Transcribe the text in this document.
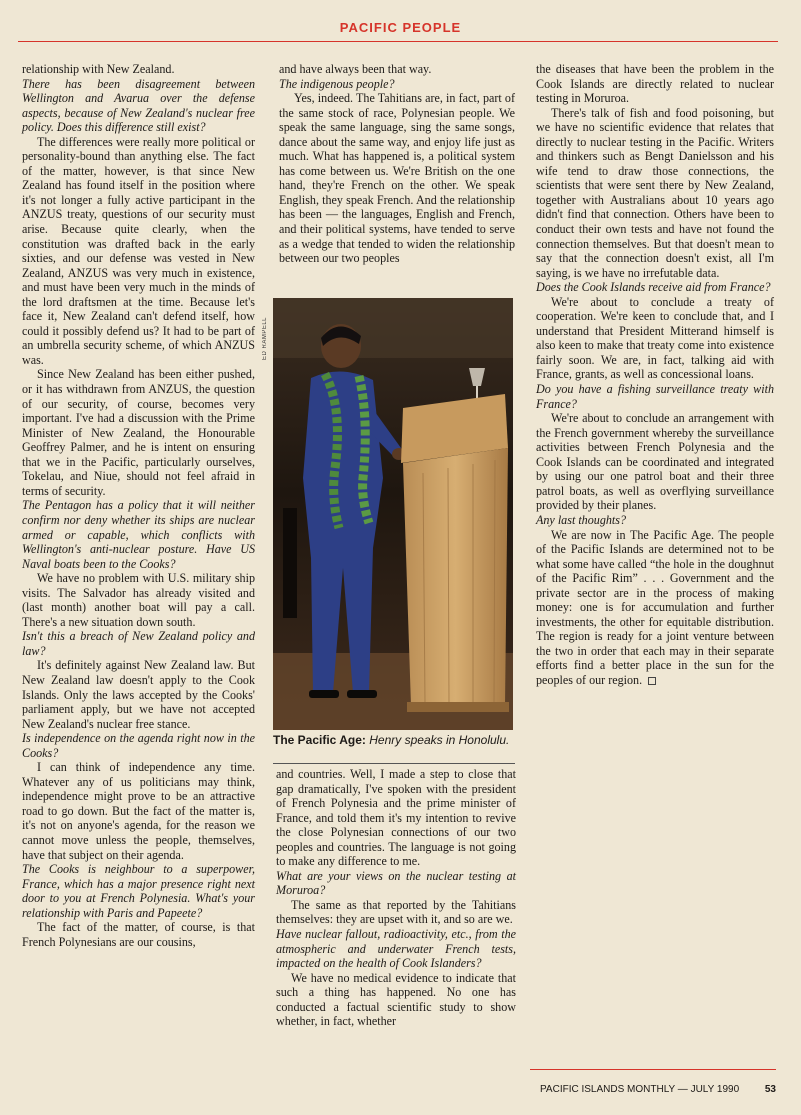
PACIFIC PEOPLE

relationship with New Zealand.

There has been disagreement between Wellington and Avarua over the defense aspects, because of New Zealand's nuclear free policy. Does this difference still exist?

The differences were really more political or personality-bound than anything else. The fact of the matter, however, is that since New Zealand has found itself in the position where it's not longer a fully active participant in the ANZUS treaty, questions of our security must arise. Because quite clearly, when the constitution was drafted back in the early sixties, and our defense was vested in New Zealand, ANZUS was very much in existence, and must have been very much in the minds of the lord draftsmen at the time. Because let's face it, New Zealand can't defend itself, how could it possibly defend us? It had to be part of an umbrella security scheme, of which ANZUS was.

Since New Zealand has been either pushed, or it has withdrawn from ANZUS, the question of our security, of course, becomes very important. I've had a discussion with the Prime Minister of New Zealand, the Honourable Geoffrey Palmer, and he is intent on ensuring that we in the Pacific, particularly ourselves, Tokelau, and Niue, should not feel afraid in terms of security.

The Pentagon has a policy that it will neither confirm nor deny whether its ships are nuclear armed or capable, which conflicts with Wellington's anti-nuclear posture. Have US Naval boats been to the Cooks?

We have no problem with U.S. military ship visits. The Salvador has already visited and (last month) another boat will pay a call. There's a new situation down south.

Isn't this a breach of New Zealand policy and law?

It's definitely against New Zealand law. But New Zealand law doesn't apply to the Cook Islands. Only the laws accepted by the Cooks' parliament apply, but we have not accepted New Zealand's nuclear free stance.

Is independence on the agenda right now in the Cooks?

I can think of independence any time. Whatever any of us politicians may think, independence might prove to be an attractive road to go down. But the fact of the matter is, it's not on anyone's agenda, for the reason we cannot move unless the people, themselves, have that subject on their agenda.

The Cooks is neighbour to a superpower, France, which has a major presence right next door to you at French Polynesia. What's your relationship with Paris and Papeete?

The fact of the matter, of course, is that French Polynesians are our cousins,

and have always been that way.

The indigenous people?

Yes, indeed. The Tahitians are, in fact, part of the same stock of race, Polynesian people. We speak the same language, sing the same songs, dance about the same way, and enjoy life just as much. What has happened is, a political system has come between us. We're British on the one hand, they're French on the other. We speak English, they speak French. And the relationship has been — the languages, English and French, and their political systems, have tended to serve as a wedge that tended to widen the relationship between our two peoples

ED RAMPELL
The Pacific Age: Henry speaks in Honolulu.

and countries. Well, I made a step to close that gap dramatically, I've spoken with the president of French Polynesia and the prime minister of France, and told them it's my intention to revive the close Polynesian connections of our two peoples and countries. The language is not going to make any difference to me.

What are your views on the nuclear testing at Moruroa?

The same as that reported by the Tahitians themselves: they are upset with it, and so are we.

Have nuclear fallout, radioactivity, etc., from the atmospheric and underwater French tests, impacted on the health of Cook Islanders?

We have no medical evidence to indicate that such a thing has happened. No one has conducted a factual scientific study to show whether, in fact, whether

the diseases that have been the problem in the Cook Islands are directly related to nuclear testing in Moruroa.

There's talk of fish and food poisoning, but we have no scientific evidence that relates that directly to nuclear testing in the Pacific. Writers and thinkers such as Bengt Danielsson and his wife tend to draw those connections, the scientists that were sent there by New Zealand, together with Australians about 10 years ago didn't find that connection. Others have been to conduct their own tests and have not found the connection themselves. But that doesn't mean to say that the connection doesn't exist, all I'm saying, is we have no irrefutable data.

Does the Cook Islands receive aid from France?

We're about to conclude a treaty of cooperation. We're keen to conclude that, and I understand that President Mitterand himself is also keen to make that treaty come into existence fairly soon. We are, in fact, talking aid with France, grants, as well as concessional loans.

Do you have a fishing surveillance treaty with France?

We're about to conclude an arrangement with the French government whereby the surveillance activities between French Polynesia and the Cook Islands can be coordinated and integrated by using our one patrol boat and their three patrol boats, as well as overflying surveillance provided by their planes.

Any last thoughts?

We are now in The Pacific Age. The people of the Pacific Islands are determined not to be what some have called “the hole in the doughnut of the Pacific Rim” . . . Government and the private sector are in the process of making money: one is for accumulation and further investments, the other for equitable distribution. The region is ready for a joint venture between the two in order that each may in their separate efforts find a better place in the sun for the peoples of our region.

PACIFIC ISLANDS MONTHLY — JULY 1990	53
